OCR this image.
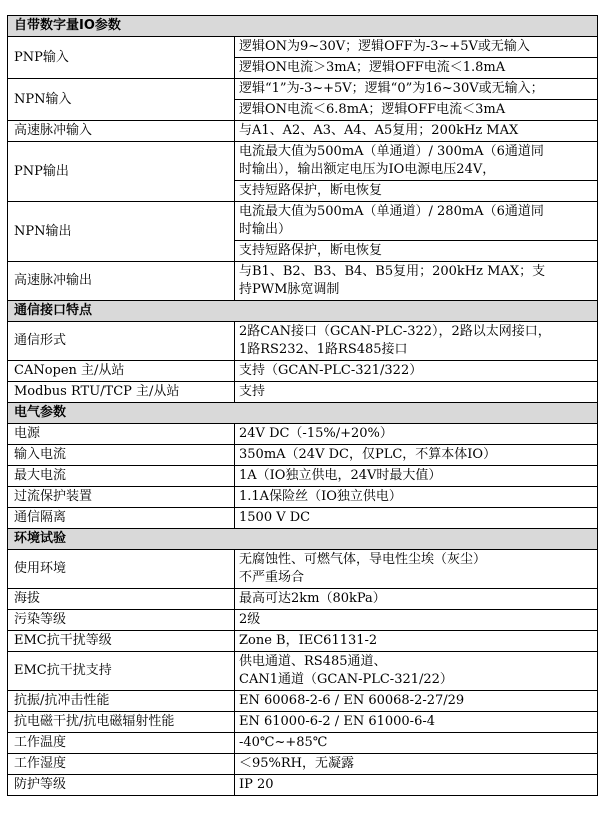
自带数字量IO参数	
PNP输入	逻辑ON为9~30V；逻辑OFF为-3~+5V或无输入

	逻辑ON电流＞3mA；逻辑OFF电流＜1.8mA

NPN输入	逻辑“1”为-3~+5V；逻辑“0”为16~30V或无输入；

	逻辑ON电流＜6.8mA；逻辑OFF电流＜3mA

高速脉冲输入	与A1、A2、A3、A4、A5复用；200kHz MAX

PNP输出	电流最大值为500mA（单通道）/ 300mA（6通道同
时输出），输出额定电压为IO电源电压24V，

	支持短路保护，断电恢复

NPN输出	电流最大值为500mA（单通道）/ 280mA（6通道同
时输出）

	支持短路保护，断电恢复

高速脉冲输出	与B1、B2、B3、B4、B5复用；200kHz MAX；支
持PWM脉宽调制

通信接口特点	
通信形式	2路CAN接口（GCAN-PLC-322），2路以太网接口，
1路RS232、1路RS485接口

CANopen 主/从站	支持（GCAN-PLC-321/322）

Modbus RTU/TCP 主/从站	支持

电气参数	
电源	24V DC（-15%/+20%）

输入电流	350mA（24V DC，仅PLC，不算本体IO）

最大电流	1A（IO独立供电，24V时最大值）

过流保护装置	1.1A保险丝（IO独立供电）

通信隔离	1500 V DC

环境试验	
使用环境	无腐蚀性、可燃气体，导电性尘埃（灰尘）
不严重场合

海拔	最高可达2km（80kPa）

污染等级	2级

EMC抗干扰等级	Zone B，IEC61131-2

EMC抗干扰支持	供电通道、RS485通道、
CAN1通道（GCAN-PLC-321/22）

抗振/抗冲击性能	EN 60068-2-6 / EN 60068-2-27/29

抗电磁干扰/抗电磁辐射性能	EN 61000-6-2 / EN 61000-6-4

工作温度	-40℃~+85℃

工作湿度	＜95%RH，无凝露

防护等级	IP 20
